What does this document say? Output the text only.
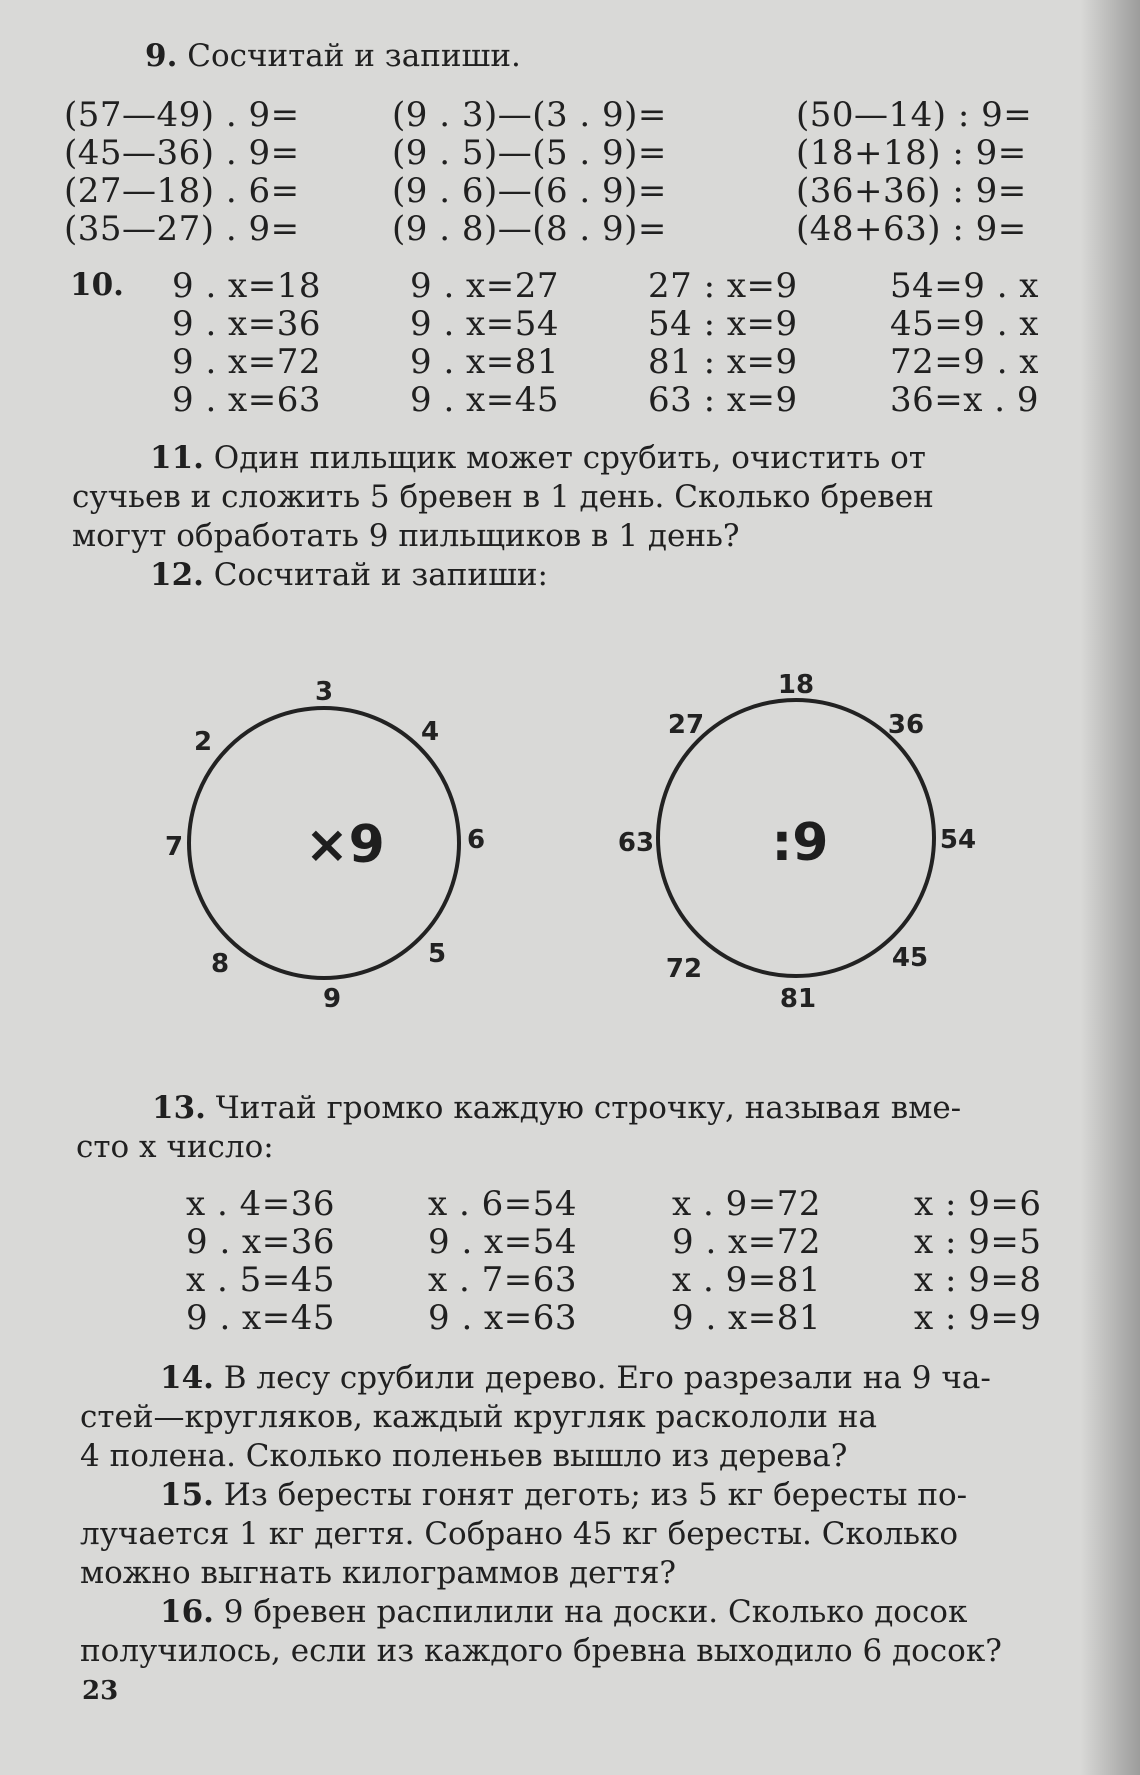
9. Сосчитай и запиши.
(57—49) . 9=
(45—36) . 9=
(27—18) . 6=
(35—27) . 9=
(9 . 3)—(3 . 9)=
(9 . 5)—(5 . 9)=
(9 . 6)—(6 . 9)=
(9 . 8)—(8 . 9)=
(50—14) : 9=
(18+18) : 9=
(36+36) : 9=
(48+63) : 9=
10. 9 . x=18
9 . x=36
9 . x=72
9 . x=63
9 . x=27
9 . x=54
9 . x=81
9 . x=45
27 : x=9
54 : x=9
81 : x=9
63 : x=9
54=9 . x
45=9 . x
72=9 . x
36=x . 9
11. Один пильщик может срубить, очистить от
сучьев и сложить 5 бревен в 1 день. Сколько бревен
могут обработать 9 пильщиков в 1 день?
12. Сосчитай и запиши:
×9
3
4
6
5
9
8
7
2
:9
18
36
54
45
81
72
63
27
13. Читай громко каждую строчку, называя вме-
сто x число:
x . 4=36
9 . x=36
x . 5=45
9 . x=45
x . 6=54
9 . x=54
x . 7=63
9 . x=63
x . 9=72
9 . x=72
x . 9=81
9 . x=81
x : 9=6
x : 9=5
x : 9=8
x : 9=9
14. В лесу срубили дерево. Его разрезали на 9 ча-
стей—кругляков, каждый кругляк раскололи на
4 полена. Сколько поленьев вышло из дерева?
15. Из бересты гонят деготь; из 5 кг бересты по-
лучается 1 кг дегтя. Собрано 45 кг бересты. Сколько
можно выгнать килограммов дегтя?
16. 9 бревен распилили на доски. Сколько досок
получилось, если из каждого бревна выходило 6 досок?
23
